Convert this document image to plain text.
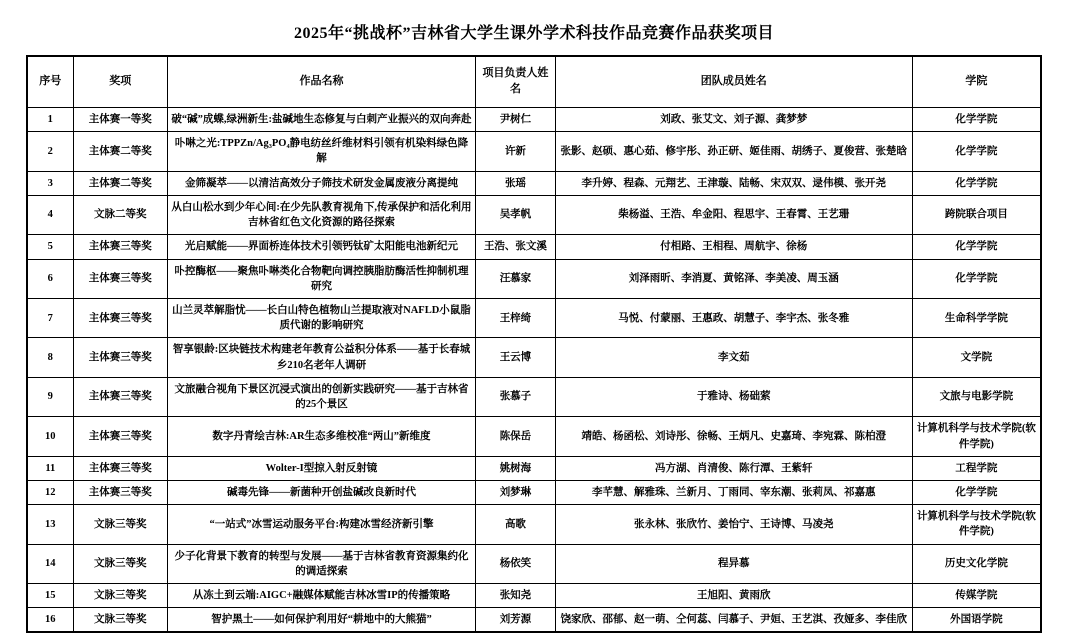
2025年“挑战杯”吉林省大学生课外学术科技作品竞赛作品获奖项目
序号	奖项	作品名称	项目负责人姓名	团队成员姓名	学院
1	主体赛一等奖	破“碱”成蝶,绿洲新生:盐碱地生态修复与白刺产业振兴的双向奔赴	尹树仁	刘政、张艾文、刘子源、龚梦梦	化学学院
2	主体赛二等奖	卟啉之光:TPPZn/Ag₃PO₄静电纺丝纤维材料引领有机染料绿色降解	许新	张影、赵硕、惠心茹、修宇彤、孙正研、姬佳雨、胡绣子、夏俊营、张楚晗	化学学院
3	主体赛二等奖	金筛凝萃——以清洁高效分子筛技术研发金属废液分离提纯	张瑶	李升婷、程森、元翔艺、王津璇、陆畅、宋双双、逯伟模、张开尧	化学学院
4	文脉二等奖	从白山松水到少年心间:在少先队教育视角下,传承保护和活化利用吉林省红色文化资源的路径探索	吴孝帆	柴杨溢、王浩、牟金阳、程思宇、王春霄、王艺珊	跨院联合项目
5	主体赛三等奖	光启赋能——界面桥连体技术引领钙钛矿太阳能电池新纪元	王浩、张文溪	付相路、王相程、周航宇、徐杨	化学学院
6	主体赛三等奖	卟控酶枢——聚焦卟啉类化合物靶向调控胰脂肪酶活性抑制机理研究	汪慕家	刘泽雨昕、李消夏、黄铭泽、李美凌、周玉涵	化学学院
7	主体赛三等奖	山兰灵萃解脂忧——长白山特色植物山兰提取液对NAFLD小鼠脂质代谢的影响研究	王梓绮	马悦、付蒙丽、王惠政、胡慧子、李宇杰、张冬雅	生命科学学院
8	主体赛三等奖	智享银龄:区块链技术构建老年教育公益积分体系——基于长春城乡210名老年人调研	王云博	李文茹	文学院
9	主体赛三等奖	文旅融合视角下景区沉浸式演出的创新实践研究——基于吉林省的25个景区	张慕子	于雅诗、杨础萦	文旅与电影学院
10	主体赛三等奖	数字丹青绘吉林:AR生态多维校准“两山”新维度	陈保岳	靖皓、杨函松、刘诗彤、徐畅、王炳凡、史嘉琦、李宛霖、陈柏澄	计算机科学与技术学院(软件学院)
11	主体赛三等奖	Wolter-I型掠入射反射镜	姚树海	冯方湖、肖清俊、陈行潭、王紫轩	工程学院
12	主体赛三等奖	碱毒先锋——新菌种开创盐碱改良新时代	刘梦琳	李芊慧、解雅珠、兰新月、丁雨同、宰东潮、张莉凤、祁嘉惠	化学学院
13	文脉三等奖	“一站式”冰雪运动服务平台:构建冰雪经济新引擎	高歌	张永林、张欣竹、姜怡宁、王诗博、马凌尧	计算机科学与技术学院(软件学院)
14	文脉三等奖	少子化背景下教育的转型与发展——基于吉林省教育资源集约化的调适探索	杨依笑	程异慕	历史文化学院
15	文脉三等奖	从冻土到云端:AIGC+融媒体赋能吉林冰雪IP的传播策略	张知尧	王旭阳、黄雨欣	传媒学院
16	文脉三等奖	智护黑土——如何保护利用好“耕地中的大熊猫”	刘芳源	饶家欣、邵郁、赵一萌、仝何蕊、闫慕子、尹姮、王艺淇、孜娅多、李佳欣	外国语学院
